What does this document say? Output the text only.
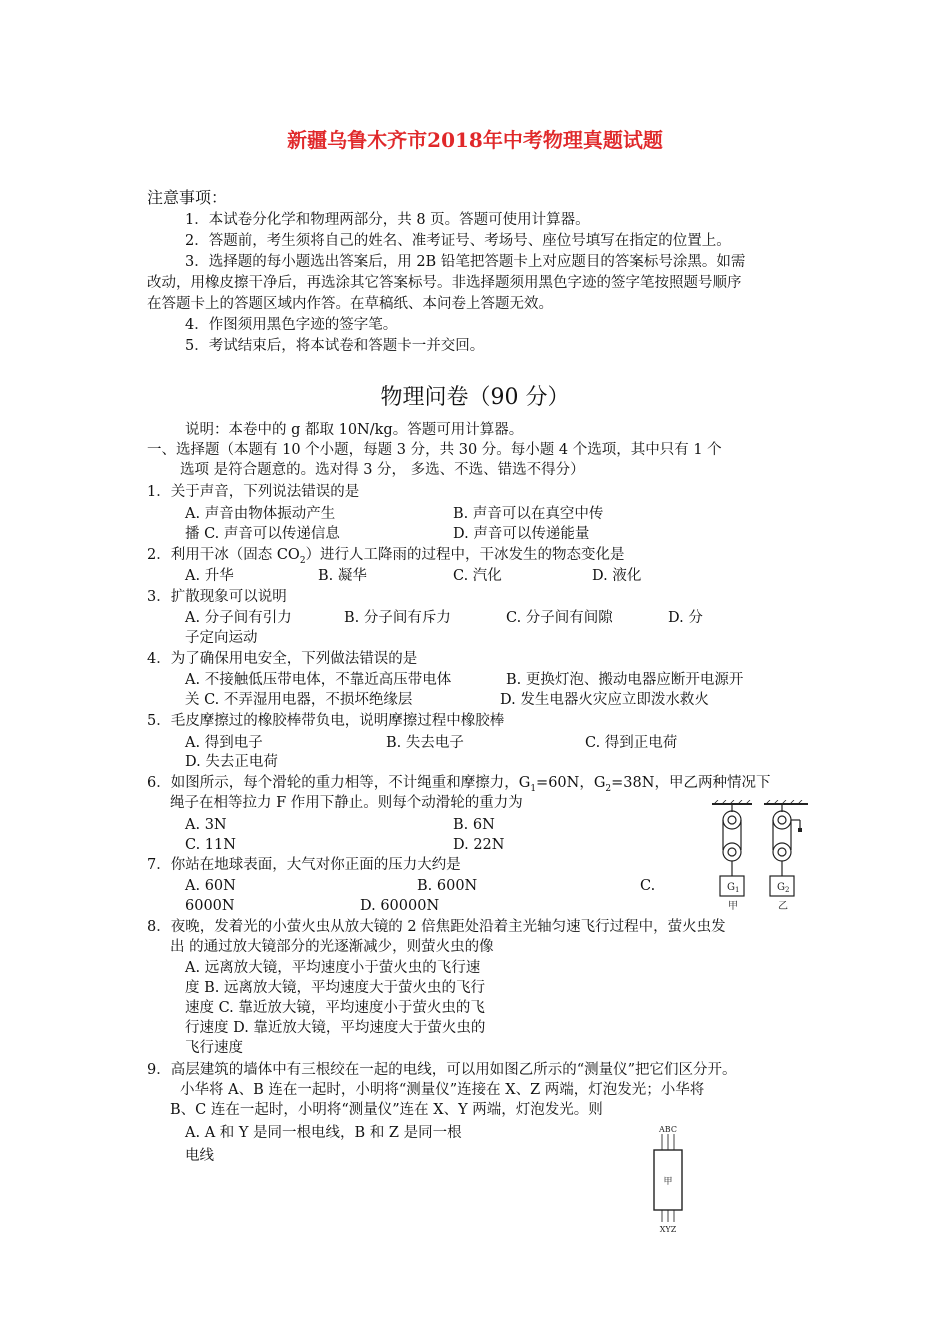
新疆乌鲁木齐市2018年中考物理真题试题
注意事项：
1．本试卷分化学和物理两部分，共 8 页。答题可使用计算器。
2．答题前，考生须将自己的姓名、准考证号、考场号、座位号填写在指定的位置上。
3．选择题的每小题选出答案后，用 2B 铅笔把答题卡上对应题目的答案标号涂黑。如需
改动，用橡皮擦干净后，再选涂其它答案标号。非选择题须用黑色字迹的签字笔按照题号顺序
在答题卡上的答题区域内作答。在草稿纸、本问卷上答题无效。
4．作图须用黑色字迹的签字笔。
5．考试结束后，将本试卷和答题卡一并交回。
物理问卷（90 分）
说明：本卷中的 g 都取 10N/kg。答题可用计算器。
一、选择题（本题有 10 个小题，每题 3 分，共 30 分。每小题 4 个选项，其中只有 1 个
选项 是符合题意的。选对得 3 分， 多选、不选、错选不得分）
1．关于声音，下列说法错误的是
A. 声音由物体振动产生	B. 声音可以在真空中传
播 C. 声音可以传递信息	D. 声音可以传递能量
2．利用干冰（固态 $CO_2$）进行人工降雨的过程中，干冰发生的物态变化是
A. 升华	B. 凝华	C. 汽化	D. 液化
3．扩散现象可以说明
A. 分子间有引力	B. 分子间有斥力	C. 分子间有间隙	D. 分
子定向运动
4．为了确保用电安全，下列做法错误的是
A. 不接触低压带电体，不靠近高压带电体	B. 更换灯泡、搬动电器应断开电源开
关 C. 不弄湿用电器，不损坏绝缘层	D. 发生电器火灾应立即泼水救火
5．毛皮摩擦过的橡胶棒带负电，说明摩擦过程中橡胶棒
A. 得到电子	B. 失去电子	C. 得到正电荷
D. 失去正电荷
6．如图所示，每个滑轮的重力相等，不计绳重和摩擦力，$G_1=60N$，$G_2=38N$，甲乙两种情况下
绳子在相等拉力 F 作用下静止。则每个动滑轮的重力为
A. 3N	B. 6N
C. 11N	D. 22N
$G_1$	$G_2$
甲	乙
7．你站在地球表面，大气对你正面的压力大约是
A. 60N	B. 600N	C.
6000N	D. 60000N
8．夜晚，发着光的小萤火虫从放大镜的 2 倍焦距处沿着主光轴匀速飞行过程中，萤火虫发
出 的通过放大镜部分的光逐渐减少，则萤火虫的像
A. 远离放大镜，平均速度小于萤火虫的飞行速
度 B. 远离放大镜，平均速度大于萤火虫的飞行
速度 C. 靠近放大镜，平均速度小于萤火虫的飞
行速度 D. 靠近放大镜，平均速度大于萤火虫的
飞行速度
9．高层建筑的墙体中有三根绞在一起的电线，可以用如图乙所示的“测量仪”把它们区分开。
小华将 A、B 连在一起时，小明将“测量仪”连接在 X、Z 两端，灯泡发光；小华将
B、C 连在一起时，小明将“测量仪”连在 X、Y 两端，灯泡发光。则
A. A 和 Y 是同一根电线，B 和 Z 是同一根
电线
ABC
甲
XYZ
